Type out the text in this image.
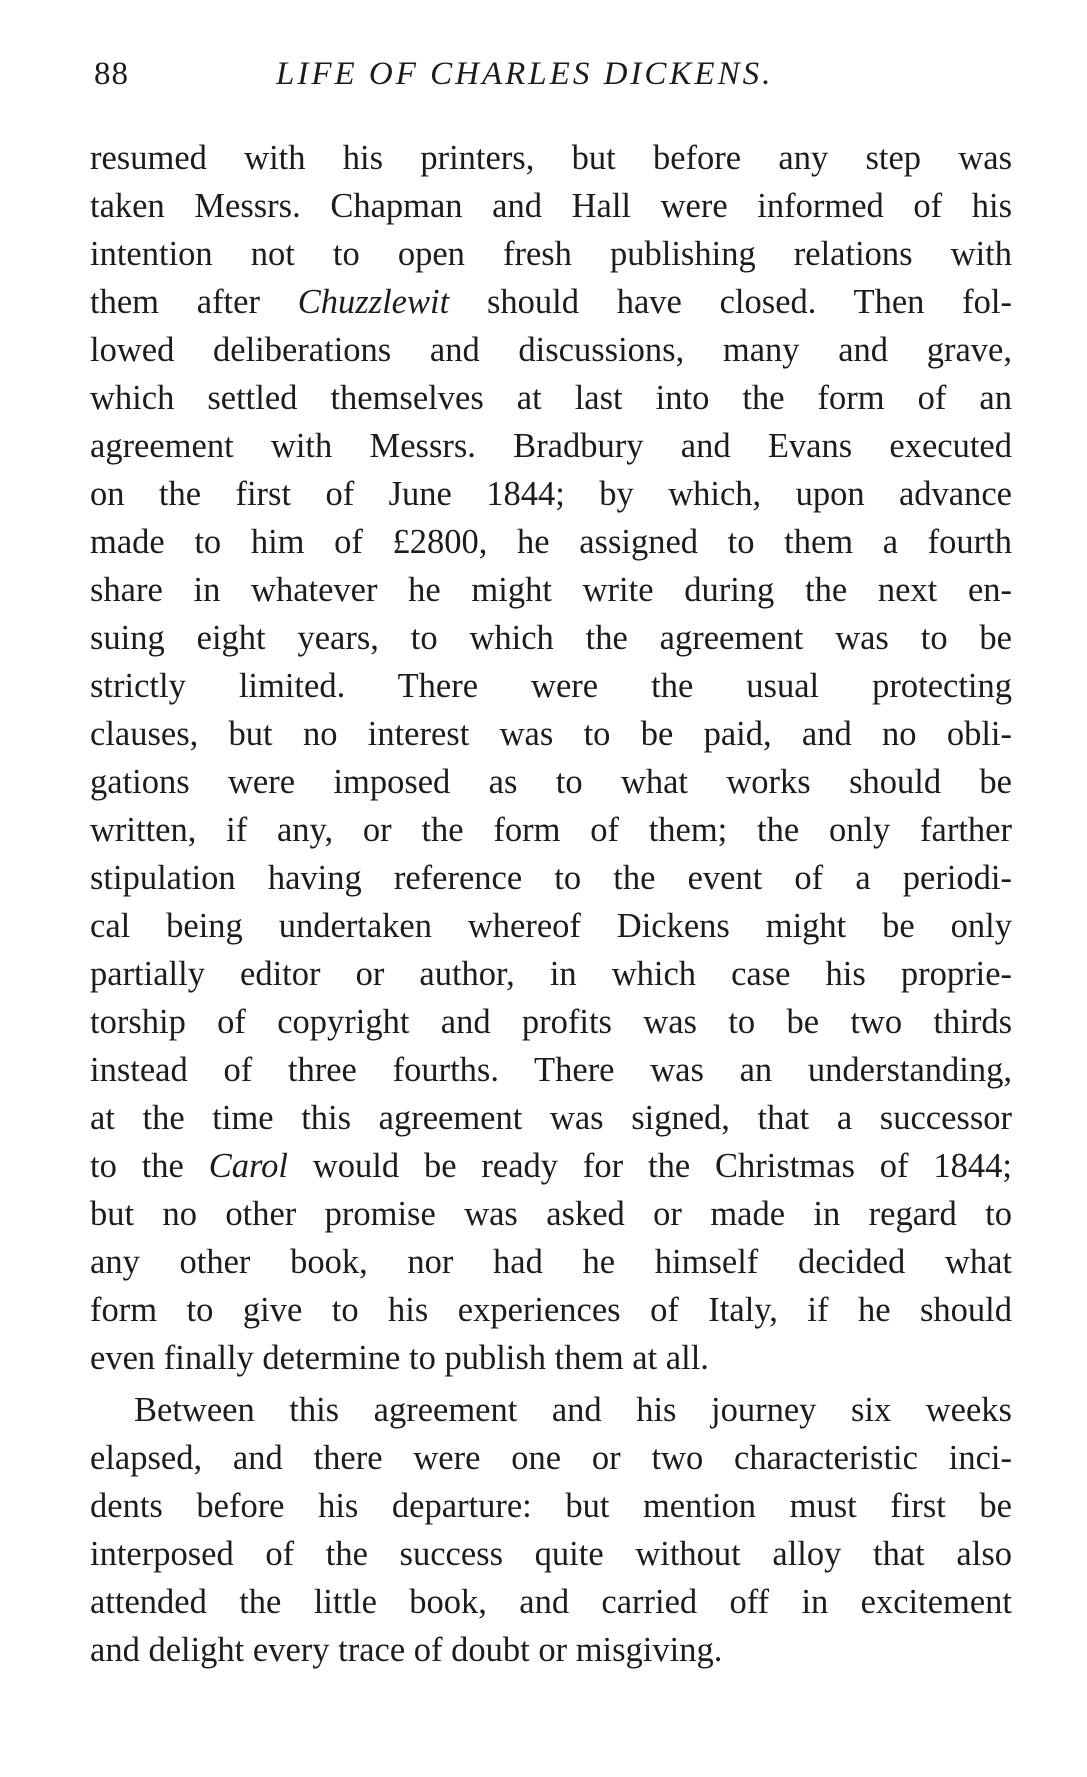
88	LIFE OF CHARLES DICKENS.
resumed with his printers, but before any step was
taken Messrs. Chapman and Hall were informed of his
intention not to open fresh publishing relations with
them after Chuzzlewit should have closed. Then fol-
lowed deliberations and discussions, many and grave,
which settled themselves at last into the form of an
agreement with Messrs. Bradbury and Evans executed
on the first of June 1844; by which, upon advance
made to him of £2800, he assigned to them a fourth
share in whatever he might write during the next en-
suing eight years, to which the agreement was to be
strictly limited. There were the usual protecting
clauses, but no interest was to be paid, and no obli-
gations were imposed as to what works should be
written, if any, or the form of them; the only farther
stipulation having reference to the event of a periodi-
cal being undertaken whereof Dickens might be only
partially editor or author, in which case his proprie-
torship of copyright and profits was to be two thirds
instead of three fourths. There was an understanding,
at the time this agreement was signed, that a successor
to the Carol would be ready for the Christmas of 1844;
but no other promise was asked or made in regard to
any other book, nor had he himself decided what
form to give to his experiences of Italy, if he should
even finally determine to publish them at all.
Between this agreement and his journey six weeks
elapsed, and there were one or two characteristic inci-
dents before his departure: but mention must first be
interposed of the success quite without alloy that also
attended the little book, and carried off in excitement
and delight every trace of doubt or misgiving.
